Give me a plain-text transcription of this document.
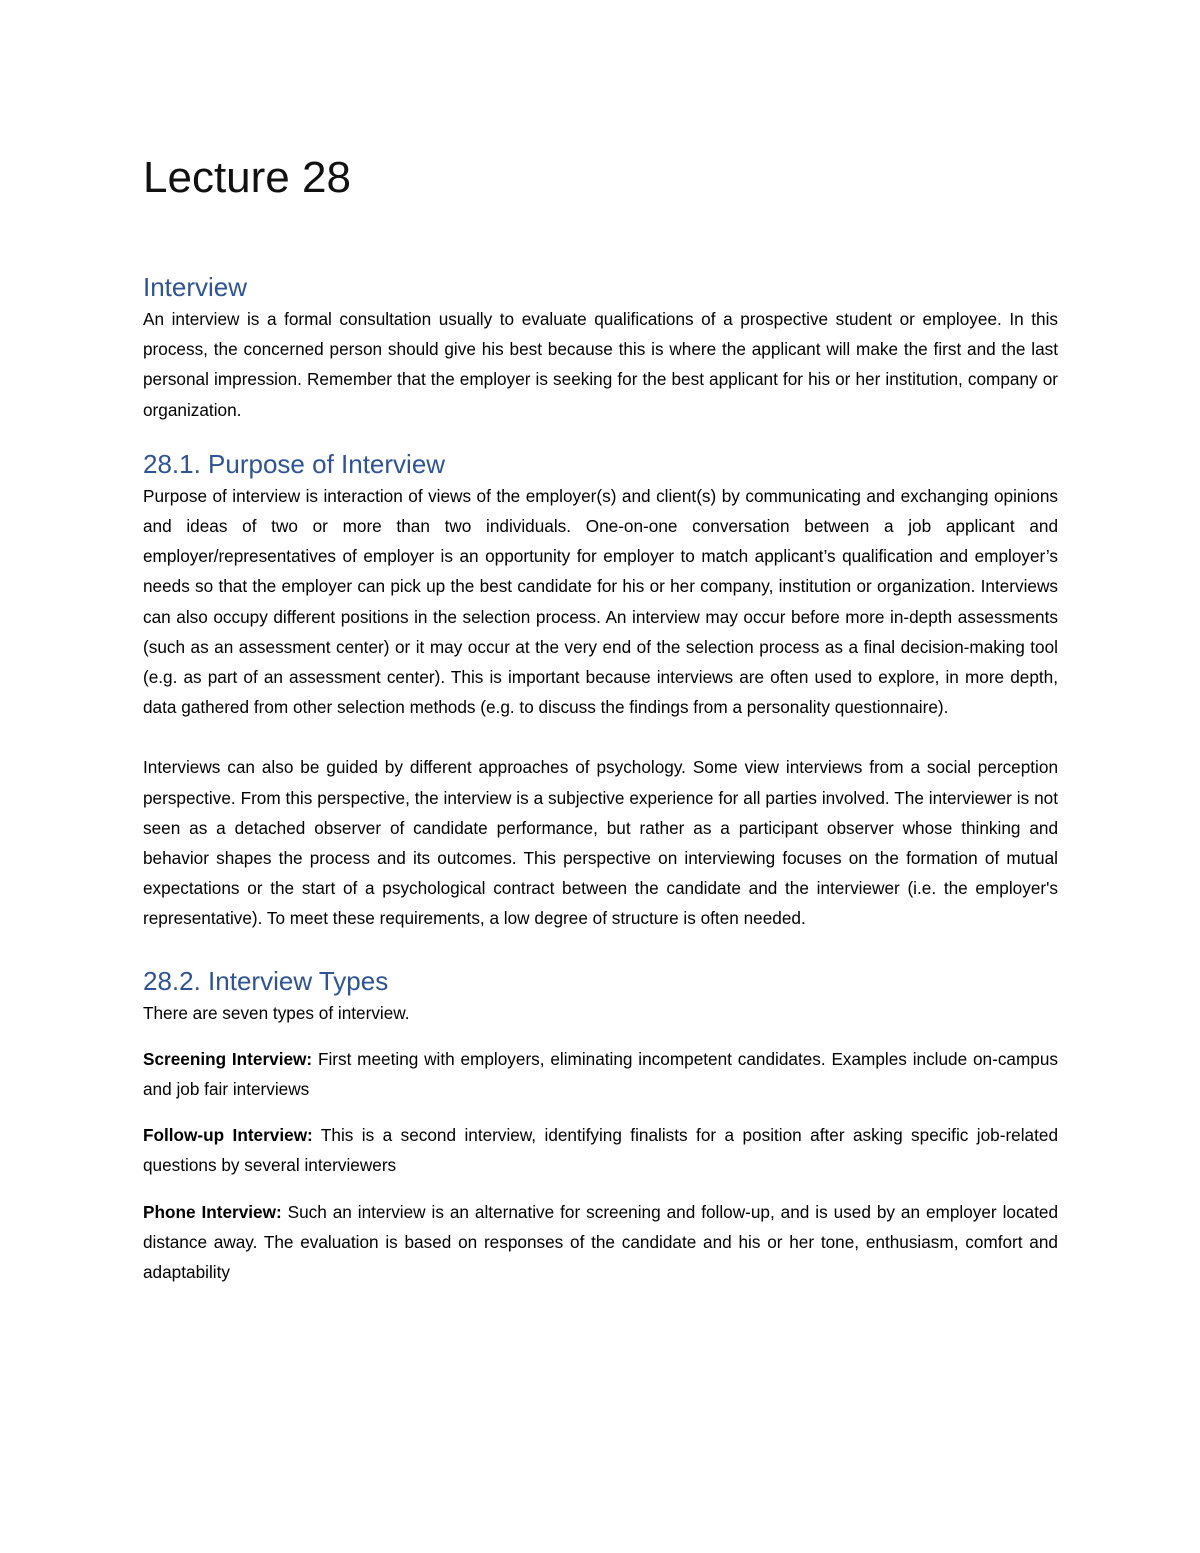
Lecture 28
Interview

An interview is a formal consultation usually to evaluate qualifications of a prospective student or employee. In this process, the concerned person should give his best because this is where the applicant will make the first and the last personal impression. Remember that the employer is seeking for the best applicant for his or her institution, company or organization.

28.1. Purpose of Interview

Purpose of interview is interaction of views of the employer(s) and client(s) by communicating and exchanging opinions and ideas of two or more than two individuals. One-on-one conversation between a job applicant and employer/representatives of employer is an opportunity for employer to match applicant’s qualification and employer’s needs so that the employer can pick up the best candidate for his or her company, institution or organization. Interviews can also occupy different positions in the selection process. An interview may occur before more in-depth assessments (such as an assessment center) or it may occur at the very end of the selection process as a final decision-making tool (e.g. as part of an assessment center). This is important because interviews are often used to explore, in more depth, data gathered from other selection methods (e.g. to discuss the findings from a personality questionnaire).

Interviews can also be guided by different approaches of psychology. Some view interviews from a social perception perspective. From this perspective, the interview is a subjective experience for all parties involved. The interviewer is not seen as a detached observer of candidate performance, but rather as a participant observer whose thinking and behavior shapes the process and its outcomes. This perspective on interviewing focuses on the formation of mutual expectations or the start of a psychological contract between the candidate and the interviewer (i.e. the employer's representative). To meet these requirements, a low degree of structure is often needed.

28.2. Interview Types

There are seven types of interview.

Screening Interview: First meeting with employers, eliminating incompetent candidates. Examples include on-campus and job fair interviews

Follow-up Interview: This is a second interview, identifying finalists for a position after asking specific job-related questions by several interviewers

Phone Interview: Such an interview is an alternative for screening and follow-up, and is used by an employer located distance away. The evaluation is based on responses of the candidate and his or her tone, enthusiasm, comfort and adaptability
